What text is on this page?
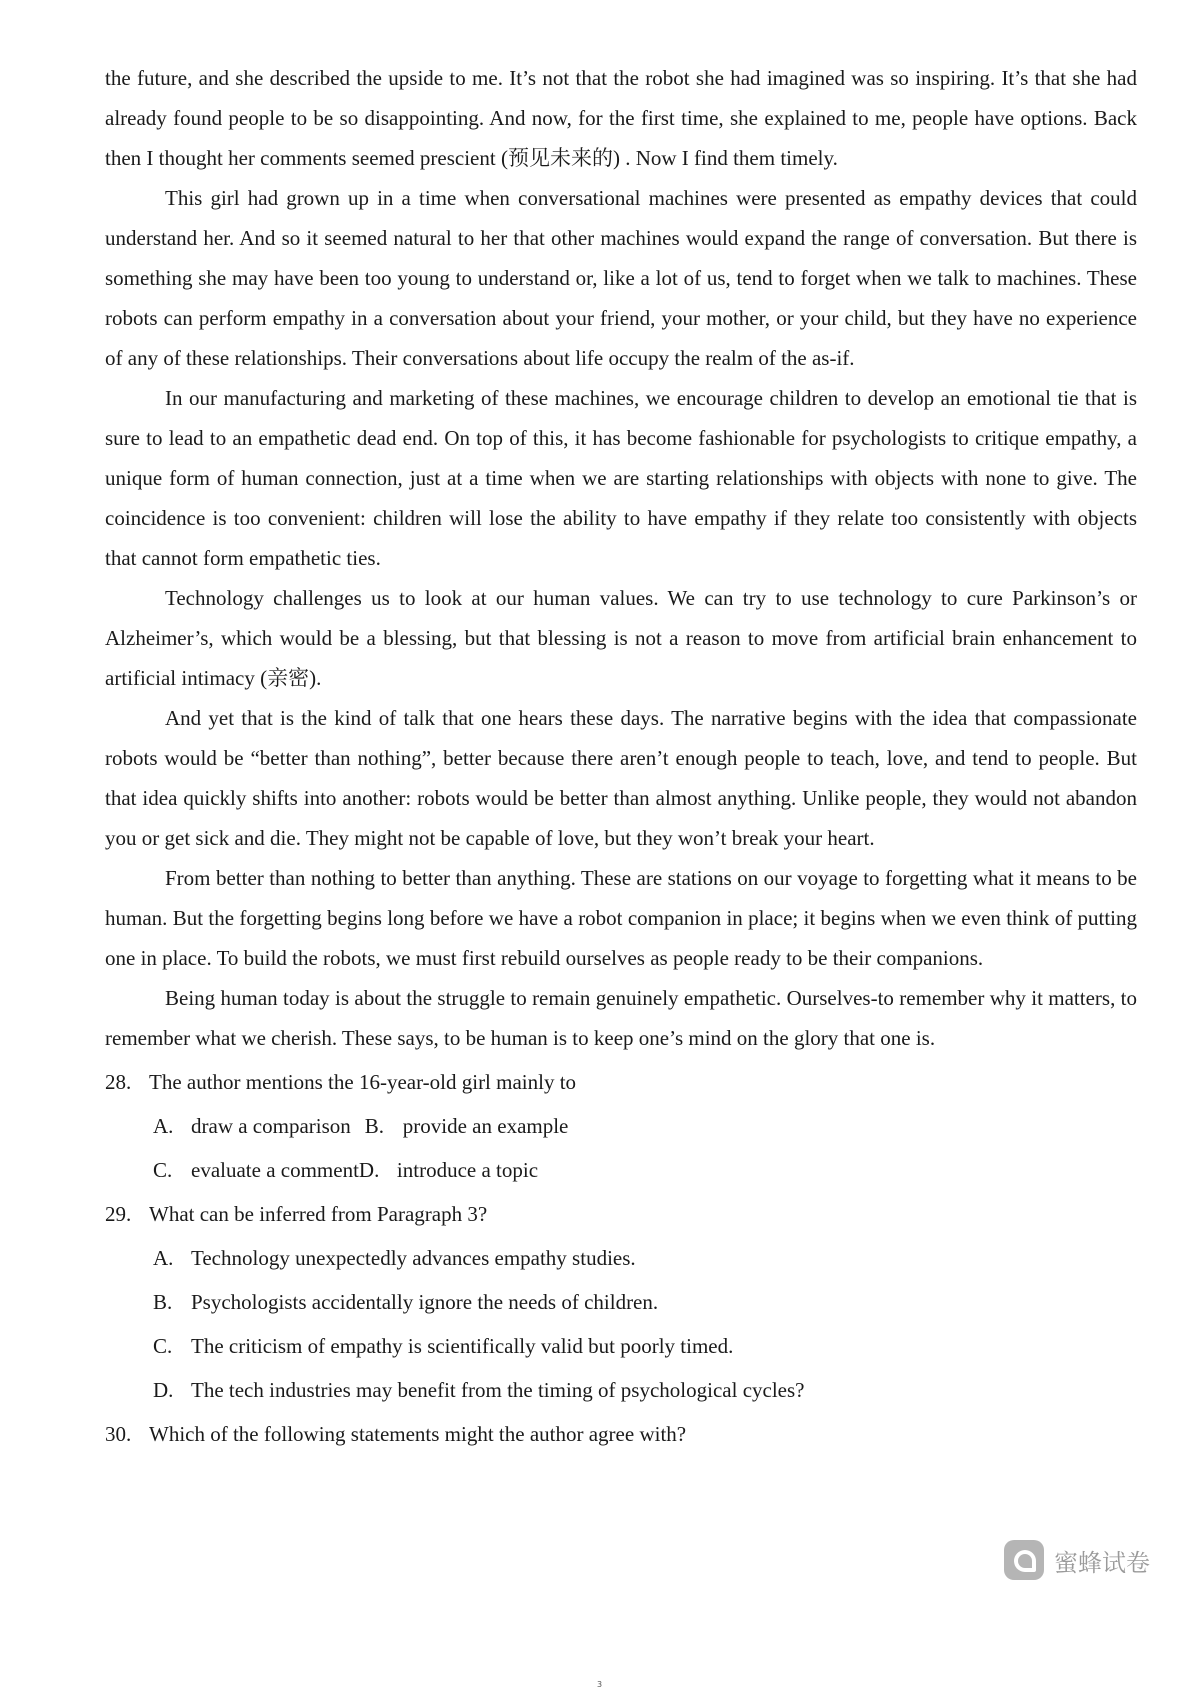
the future, and she described the upside to me. It’s not that the robot she had imagined was so inspiring. It’s that she had already found people to be so disappointing. And now, for the first time, she explained to me, people have options. Back then I thought her comments seemed prescient (预见未来的) . Now I find them timely.

This girl had grown up in a time when conversational machines were presented as empathy devices that could understand her. And so it seemed natural to her that other machines would expand the range of conversation. But there is something she may have been too young to understand or, like a lot of us, tend to forget when we talk to machines. These robots can perform empathy in a conversation about your friend, your mother, or your child, but they have no experience of any of these relationships. Their conversations about life occupy the realm of the as-if.

In our manufacturing and marketing of these machines, we encourage children to develop an emotional tie that is sure to lead to an empathetic dead end. On top of this, it has become fashionable for psychologists to critique empathy, a unique form of human connection, just at a time when we are starting relationships with objects with none to give. The coincidence is too convenient: children will lose the ability to have empathy if they relate too consistently with objects that cannot form empathetic ties.

Technology challenges us to look at our human values. We can try to use technology to cure Parkinson’s or Alzheimer’s, which would be a blessing, but that blessing is not a reason to move from artificial brain enhancement to artificial intimacy (亲密).

And yet that is the kind of talk that one hears these days. The narrative begins with the idea that compassionate robots would be “better than nothing”, better because there aren’t enough people to teach, love, and tend to people. But that idea quickly shifts into another: robots would be better than almost anything. Unlike people, they would not abandon you or get sick and die. They might not be capable of love, but they won’t break your heart.

From better than nothing to better than anything. These are stations on our voyage to forgetting what it means to be human. But the forgetting begins long before we have a robot companion in place; it begins when we even think of putting one in place. To build the robots, we must first rebuild ourselves as people ready to be their companions.

Being human today is about the struggle to remain genuinely empathetic. Ourselves-to remember why it matters, to remember what we cherish. These says, to be human is to keep one’s mind on the glory that one is.

28. The author mentions the 16-year-old girl mainly to
A. draw a comparison B. provide an example
C. evaluate a commentD. introduce a topic
29. What can be inferred from Paragraph 3?
A. Technology unexpectedly advances empathy studies.
B. Psychologists accidentally ignore the needs of children.
C. The criticism of empathy is scientifically valid but poorly timed.
D. The tech industries may benefit from the timing of psychological cycles?
30. Which of the following statements might the author agree with?
蜜蜂试卷
3
